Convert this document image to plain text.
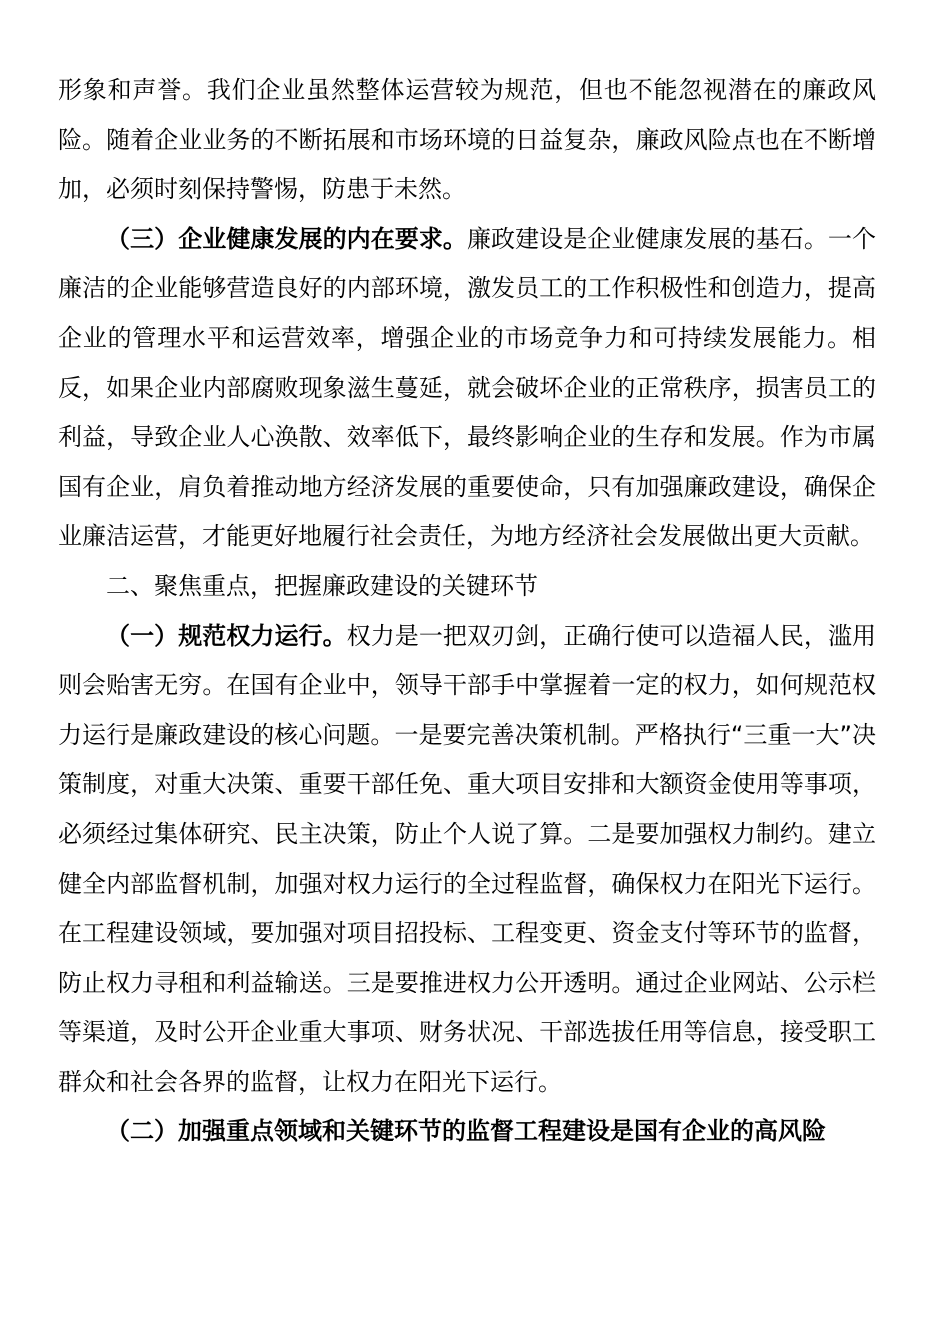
形象和声誉。我们企业虽然整体运营较为规范，但也不能忽视潜在的廉政风险。随着企业业务的不断拓展和市场环境的日益复杂，廉政风险点也在不断增加，必须时刻保持警惕，防患于未然。

（三）企业健康发展的内在要求。廉政建设是企业健康发展的基石。一个廉洁的企业能够营造良好的内部环境，激发员工的工作积极性和创造力，提高企业的管理水平和运营效率，增强企业的市场竞争力和可持续发展能力。相反，如果企业内部腐败现象滋生蔓延，就会破坏企业的正常秩序，损害员工的利益，导致企业人心涣散、效率低下，最终影响企业的生存和发展。作为市属国有企业，肩负着推动地方经济发展的重要使命，只有加强廉政建设，确保企业廉洁运营，才能更好地履行社会责任，为地方经济社会发展做出更大贡献。

二、聚焦重点，把握廉政建设的关键环节

（一）规范权力运行。权力是一把双刃剑，正确行使可以造福人民，滥用则会贻害无穷。在国有企业中，领导干部手中掌握着一定的权力，如何规范权力运行是廉政建设的核心问题。一是要完善决策机制。严格执行“三重一大”决策制度，对重大决策、重要干部任免、重大项目安排和大额资金使用等事项，必须经过集体研究、民主决策，防止个人说了算。二是要加强权力制约。建立健全内部监督机制，加强对权力运行的全过程监督，确保权力在阳光下运行。在工程建设领域，要加强对项目招投标、工程变更、资金支付等环节的监督，防止权力寻租和利益输送。三是要推进权力公开透明。通过企业网站、公示栏等渠道，及时公开企业重大事项、财务状况、干部选拔任用等信息，接受职工群众和社会各界的监督，让权力在阳光下运行。

（二）加强重点领域和关键环节的监督工程建设是国有企业的高风险
